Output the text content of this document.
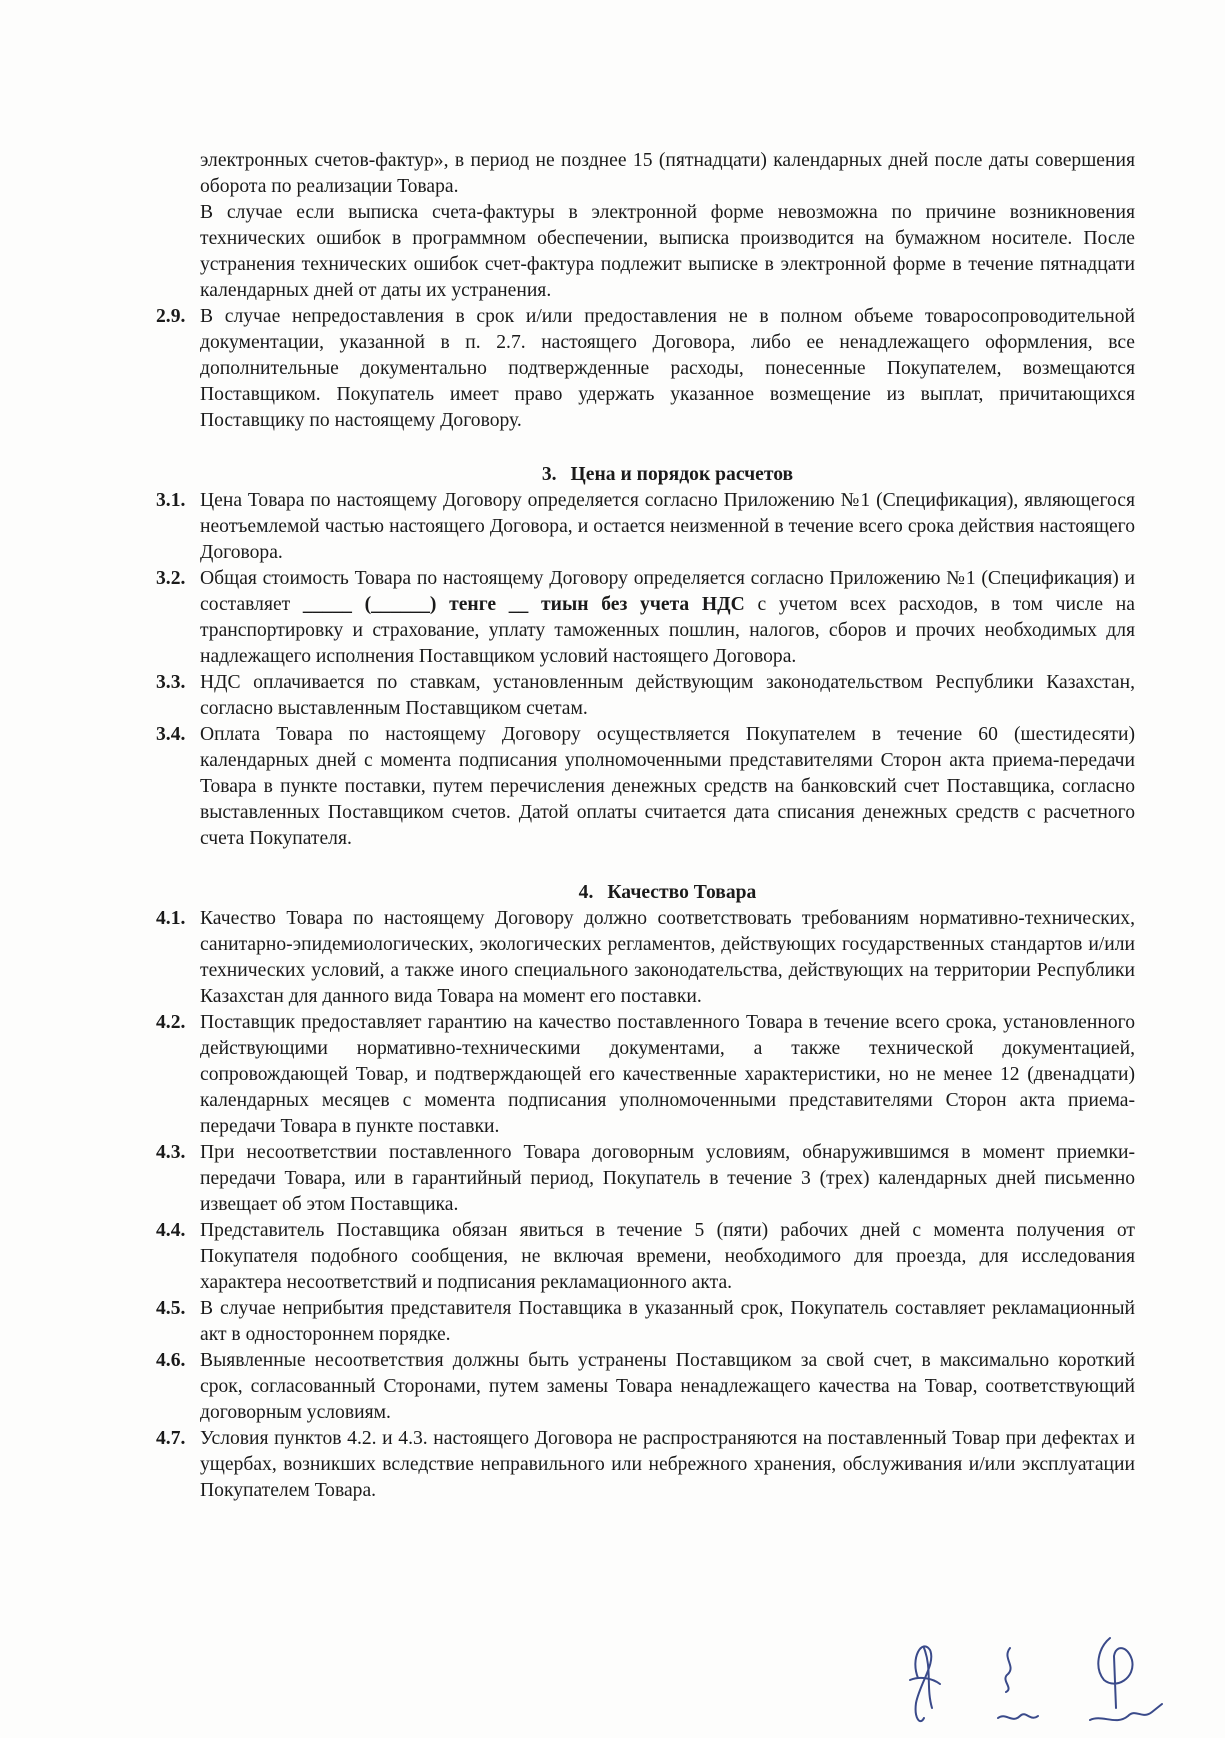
электронных счетов-фактур», в период не позднее 15 (пятнадцати) календарных дней после даты совершения оборота по реализации Товара.

В случае если выписка счета-фактуры в электронной форме невозможна по причине возникновения технических ошибок в программном обеспечении, выписка производится на бумажном носителе. После устранения технических ошибок счет-фактура подлежит выписке в электронной форме в течение пятнадцати календарных дней от даты их устранения.

2.9. В случае непредоставления в срок и/или предоставления не в полном объеме товаросопроводительной документации, указанной в п. 2.7. настоящего Договора, либо ее ненадлежащего оформления, все дополнительные документально подтвержденные расходы, понесенные Покупателем, возмещаются Поставщиком. Покупатель имеет право удержать указанное возмещение из выплат, причитающихся Поставщику по настоящему Договору.
3. Цена и порядок расчетов
3.1. Цена Товара по настоящему Договору определяется согласно Приложению №1 (Спецификация), являющегося неотъемлемой частью настоящего Договора, и остается неизменной в течение всего срока действия настоящего Договора.
3.2. Общая стоимость Товара по настоящему Договору определяется согласно Приложению №1 (Спецификация) и составляет _____ (______) тенге __ тиын без учета НДС с учетом всех расходов, в том числе на транспортировку и страхование, уплату таможенных пошлин, налогов, сборов и прочих необходимых для надлежащего исполнения Поставщиком условий настоящего Договора.
3.3. НДС оплачивается по ставкам, установленным действующим законодательством Республики Казахстан, согласно выставленным Поставщиком счетам.
3.4. Оплата Товара по настоящему Договору осуществляется Покупателем в течение 60 (шестидесяти) календарных дней с момента подписания уполномоченными представителями Сторон акта приема-передачи Товара в пункте поставки, путем перечисления денежных средств на банковский счет Поставщика, согласно выставленных Поставщиком счетов. Датой оплаты считается дата списания денежных средств с расчетного счета Покупателя.
4. Качество Товара
4.1. Качество Товара по настоящему Договору должно соответствовать требованиям нормативно-технических, санитарно-эпидемиологических, экологических регламентов, действующих государственных стандартов и/или технических условий, а также иного специального законодательства, действующих на территории Республики Казахстан для данного вида Товара на момент его поставки.
4.2. Поставщик предоставляет гарантию на качество поставленного Товара в течение всего срока, установленного действующими нормативно-техническими документами, а также технической документацией, сопровождающей Товар, и подтверждающей его качественные характеристики, но не менее 12 (двенадцати) календарных месяцев с момента подписания уполномоченными представителями Сторон акта приема-передачи Товара в пункте поставки.
4.3. При несоответствии поставленного Товара договорным условиям, обнаружившимся в момент приемки-передачи Товара, или в гарантийный период, Покупатель в течение 3 (трех) календарных дней письменно извещает об этом Поставщика.
4.4. Представитель Поставщика обязан явиться в течение 5 (пяти) рабочих дней с момента получения от Покупателя подобного сообщения, не включая времени, необходимого для проезда, для исследования характера несоответствий и подписания рекламационного акта.
4.5. В случае неприбытия представителя Поставщика в указанный срок, Покупатель составляет рекламационный акт в одностороннем порядке.
4.6. Выявленные несоответствия должны быть устранены Поставщиком за свой счет, в максимально короткий срок, согласованный Сторонами, путем замены Товара ненадлежащего качества на Товар, соответствующий договорным условиям.
4.7. Условия пунктов 4.2. и 4.3. настоящего Договора не распространяются на поставленный Товар при дефектах и ущербах, возникших вследствие неправильного или небрежного хранения, обслуживания и/или эксплуатации Покупателем Товара.
